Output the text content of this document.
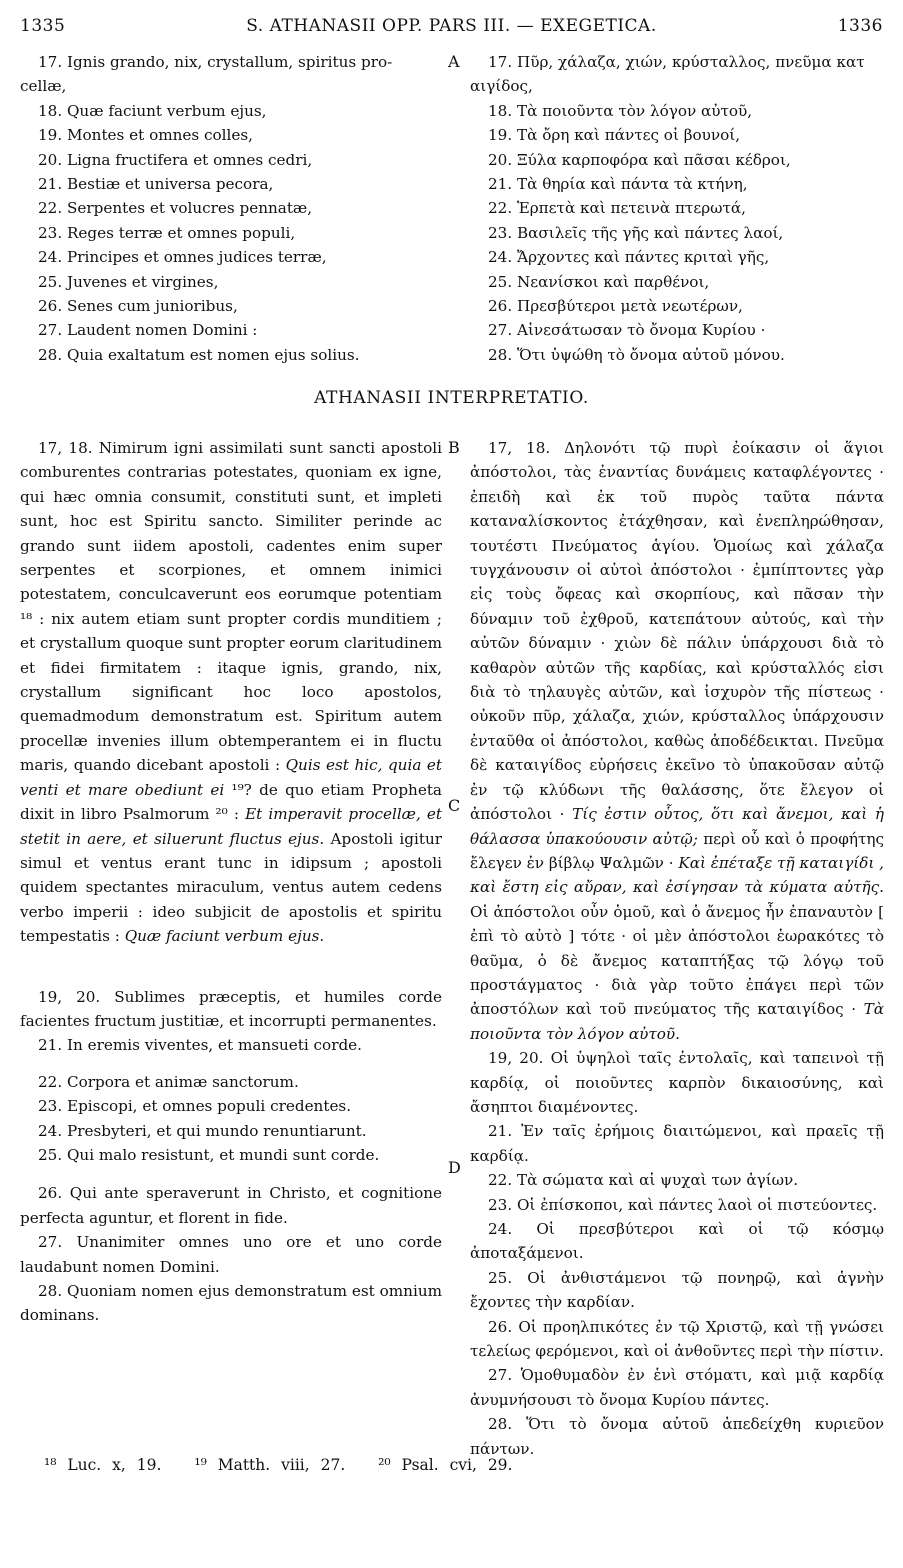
1335	S. ATHANASII OPP. PARS III. — EXEGETICA.	1336
17. Ignis grando, nix, crystallum, spiritus pro-
cellæ,
18. Quæ faciunt verbum ejus,
19. Montes et omnes colles,
20. Ligna fructifera et omnes cedri,
21. Bestiæ et universa pecora,
22. Serpentes et volucres pennatæ,
23. Reges terræ et omnes populi,
24. Principes et omnes judices terræ,
25. Juvenes et virgines,
26. Senes cum junioribus,
27. Laudent nomen Domini :
28. Quia exaltatum est nomen ejus solius.
17. Πῦρ, χάλαζα, χιών, κρύσταλλος, πνεῦμα κατ
αιγίδος,
18. Τὰ ποιοῦντα τὸν λόγον αὐτοῦ,
19. Τὰ ὄρη καὶ πάντες οἱ βουνοί,
20. Ξύλα καρποφόρα καὶ πᾶσαι κέδροι,
21. Τὰ θηρία καὶ πάντα τὰ κτήνη,
22. Ἑρπετὰ καὶ πετεινὰ πτερωτά,
23. Βασιλεῖς τῆς γῆς καὶ πάντες λαοί,
24. Ἄρχοντες καὶ πάντες κριταὶ γῆς,
25. Νεανίσκοι καὶ παρθένοι,
26. Πρεσβύτεροι μετὰ νεωτέρων,
27. Αἰνεσάτωσαν τὸ ὄνομα Κυρίου ·
28. Ὅτι ὑψώθη τὸ ὄνομα αὐτοῦ μόνου.
A
ATHANASII INTERPRETATIO.
B
C
D

17, 18. Nimirum igni assimilati sunt sancti apostoli comburentes contrarias potestates, quoniam ex igne, qui hæc omnia consumit, constituti sunt, et impleti sunt, hoc est Spiritu sancto. Similiter perinde ac grando sunt iidem apostoli, cadentes enim super serpentes et scorpiones, et omnem inimici potestatem, conculcaverunt eos eorumque potentiam ¹⁸ : nix autem etiam sunt propter cordis munditiem ; et crystallum quoque sunt propter eorum claritudinem et fidei firmitatem : itaque ignis, grando, nix, crystallum significant hoc loco apostolos, quemadmodum demonstratum est. Spiritum autem procellæ invenies illum obtemperantem ei in fluctu maris, quando dicebant apostoli : Quis est hic, quia et venti et mare obediunt ei ¹⁹? de quo etiam Propheta dixit in libro Psalmorum ²⁰ : Et imperavit procellæ, et stetit in aere, et siluerunt fluctus ejus. Apostoli igitur simul et ventus erant tunc in idipsum ; apostoli quidem spectantes miraculum, ventus autem cedens verbo imperii : ideo subjicit de apostolis et spiritu tempestatis : Quæ faciunt verbum ejus.

19, 20. Sublimes præceptis, et humiles corde facientes fructum justitiæ, et incorrupti permanentes.

21. In eremis viventes, et mansueti corde.

22. Corpora et animæ sanctorum.

23. Episcopi, et omnes populi credentes.

24. Presbyteri, et qui mundo renuntiarunt.

25. Qui malo resistunt, et mundi sunt corde.

26. Qui ante speraverunt in Christo, et cognitione perfecta aguntur, et florent in fide.

27. Unanimiter omnes uno ore et uno corde laudabunt nomen Domini.

28. Quoniam nomen ejus demonstratum est omnium dominans.

17, 18. Δηλονότι τῷ πυρὶ ἐοίκασιν οἱ ἅγιοι ἀπόστολοι, τὰς ἐναντίας δυνάμεις καταφλέγοντες · ἐπειδὴ καὶ ἐκ τοῦ πυρὸς ταῦτα πάντα καταναλίσκοντος ἐτάχθησαν, καὶ ἐνεπληρώθησαν, τουτέστι Πνεύματος ἁγίου. Ὁμοίως καὶ χάλαζα τυγχάνουσιν οἱ αὐτοὶ ἀπόστολοι · ἐμπίπτοντες γὰρ εἰς τοὺς ὄφεας καὶ σκορπίους, καὶ πᾶσαν τὴν δύναμιν τοῦ ἐχθροῦ, κατεπάτουν αὐτούς, καὶ τὴν αὐτῶν δύναμιν · χιὼν δὲ πάλιν ὑπάρχουσι διὰ τὸ καθαρὸν αὐτῶν τῆς καρδίας, καὶ κρύσταλλός εἰσι διὰ τὸ τηλαυγὲς αὐτῶν, καὶ ἰσχυρὸν τῆς πίστεως · οὐκοῦν πῦρ, χάλαζα, χιών, κρύσταλλος ὑπάρχουσιν ἐνταῦθα οἱ ἀπόστολοι, καθὼς ἀποδέδεικται. Πνεῦμα δὲ καταιγίδος εὑρήσεις ἐκεῖνο τὸ ὑπακοῦσαν αὐτῷ ἐν τῷ κλύδωνι τῆς θαλάσσης, ὅτε ἔλεγον οἱ ἀπόστολοι · Τίς ἐστιν οὗτος, ὅτι καὶ ἄνεμοι, καὶ ἡ θάλασσα ὑπακούουσιν αὐτῷ; περὶ οὗ καὶ ὁ προφήτης ἔλεγεν ἐν βίβλῳ Ψαλμῶν · Καὶ ἐπέταξε τῇ καταιγίδι , καὶ ἔστη εἰς αὔραν, καὶ ἐσίγησαν τὰ κύματα αὐτῆς. Οἱ ἀπόστολοι οὖν ὁμοῦ, καὶ ὁ ἄνεμος ἦν ἐπαναυτὸν [ ἐπὶ τὸ αὐτὸ ] τότε · οἱ μὲν ἀπόστολοι ἑωρακότες τὸ θαῦμα, ὁ δὲ ἄνεμος καταπτήξας τῷ λόγῳ τοῦ προστάγματος · διὰ γὰρ τοῦτο ἐπάγει περὶ τῶν ἀποστόλων καὶ τοῦ πνεύματος τῆς καταιγίδος · Τὰ ποιοῦντα τὸν λόγον αὐτοῦ.

19, 20. Οἱ ὑψηλοὶ ταῖς ἐντολαῖς, καὶ ταπεινοὶ τῇ καρδίᾳ, οἱ ποιοῦντες καρπὸν δικαιοσύνης, καὶ ἄσηπτοι διαμένοντες.

21. Ἐν ταῖς ἐρήμοις διαιτώμενοι, καὶ πραεῖς τῇ καρδίᾳ.

22. Τὰ σώματα καὶ αἱ ψυχαὶ των ἁγίων.

23. Οἱ ἐπίσκοποι, καὶ πάντες λαοὶ οἱ πιστεύοντες.

24. Οἱ πρεσβύτεροι καὶ οἱ τῷ κόσμῳ ἀποταξάμενοι.

25. Οἱ ἀνθιστάμενοι τῷ πονηρῷ, καὶ ἁγνὴν ἔχοντες τὴν καρδίαν.

26. Οἱ προηλπικότες ἐν τῷ Χριστῷ, καὶ τῇ γνώσει τελείως φερόμενοι, καὶ οἱ ἀνθοῦντες περὶ τὴν πίστιν.

27. Ὁμοθυμαδὸν ἐν ἑνὶ στόματι, καὶ μιᾷ καρδίᾳ ἀνυμνήσουσι τὸ ὄνομα Κυρίου πάντες.

28. Ὅτι τὸ ὄνομα αὐτοῦ ἀπεδείχθη κυριεῦον πάντων.

¹⁸ Luc. x, 19. ¹⁹ Matth. viii, 27. ²⁰ Psal. cvi, 29.
